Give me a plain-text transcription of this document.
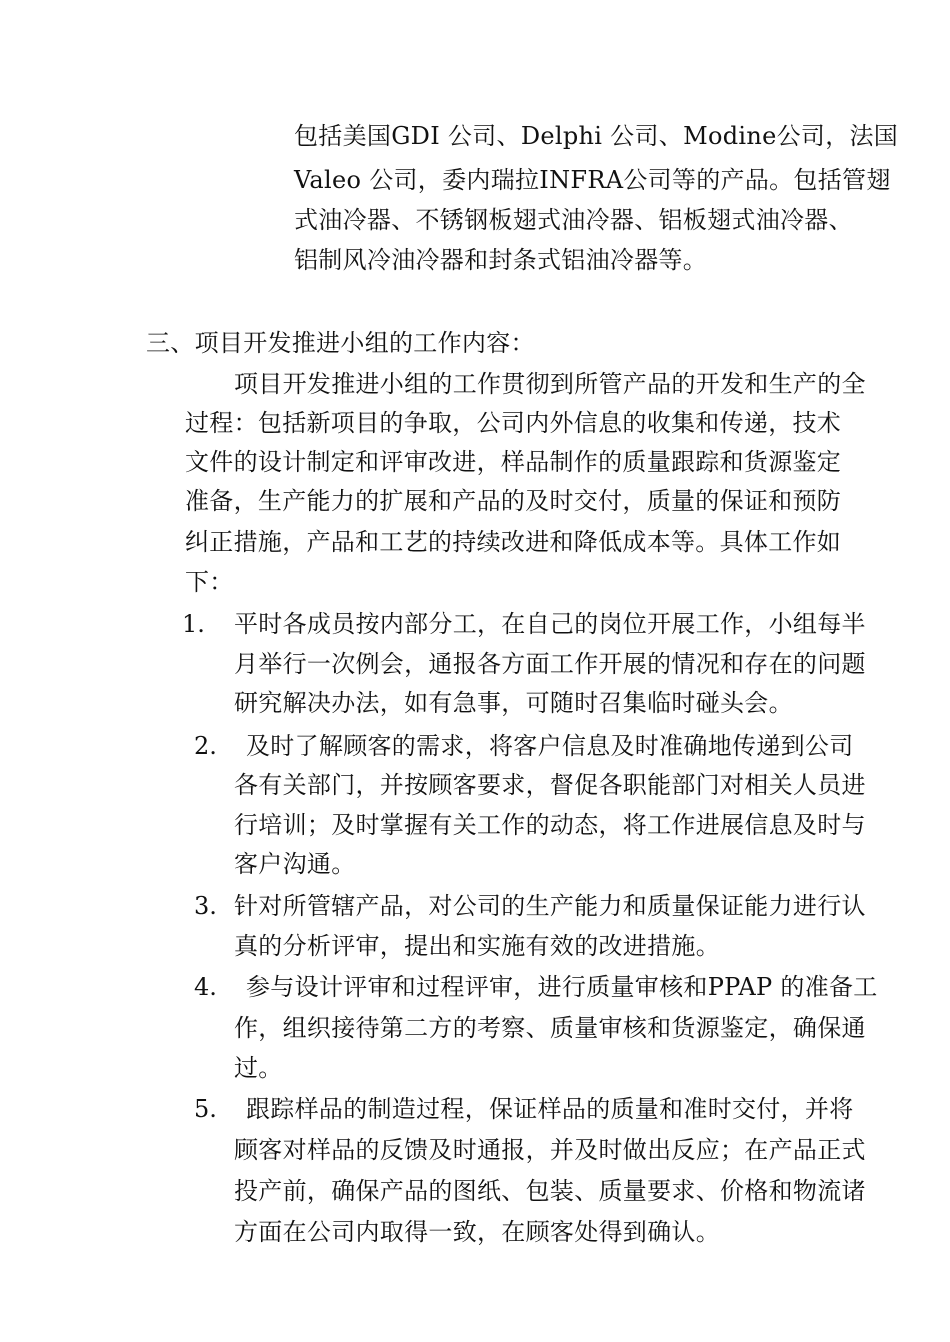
包括美国GDI 公司、Delphi 公司、Modine公司，法国

Valeo 公司，委内瑞拉INFRA公司等的产品。包括管翅

式油冷器、不锈钢板翅式油冷器、铝板翅式油冷器、

铝制风冷油冷器和封条式铝油冷器等。

三、项目开发推进小组的工作内容：

项目开发推进小组的工作贯彻到所管产品的开发和生产的全

过程：包括新项目的争取，公司内外信息的收集和传递，技术

文件的设计制定和评审改进，样品制作的质量跟踪和货源鉴定

准备，生产能力的扩展和产品的及时交付，质量的保证和预防

纠正措施，产品和工艺的持续改进和降低成本等。具体工作如

下：

1. 平时各成员按内部分工，在自己的岗位开展工作，小组每半

月举行一次例会，通报各方面工作开展的情况和存在的问题

研究解决办法，如有急事，可随时召集临时碰头会。

2. 及时了解顾客的需求，将客户信息及时准确地传递到公司

各有关部门，并按顾客要求，督促各职能部门对相关人员进

行培训；及时掌握有关工作的动态，将工作进展信息及时与

客户沟通。

3. 针对所管辖产品，对公司的生产能力和质量保证能力进行认

真的分析评审，提出和实施有效的改进措施。

4. 参与设计评审和过程评审，进行质量审核和PPAP 的准备工

作，组织接待第二方的考察、质量审核和货源鉴定，确保通

过。

5. 跟踪样品的制造过程，保证样品的质量和准时交付，并将

顾客对样品的反馈及时通报，并及时做出反应；在产品正式

投产前，确保产品的图纸、包装、质量要求、价格和物流诸

方面在公司内取得一致，在顾客处得到确认。
